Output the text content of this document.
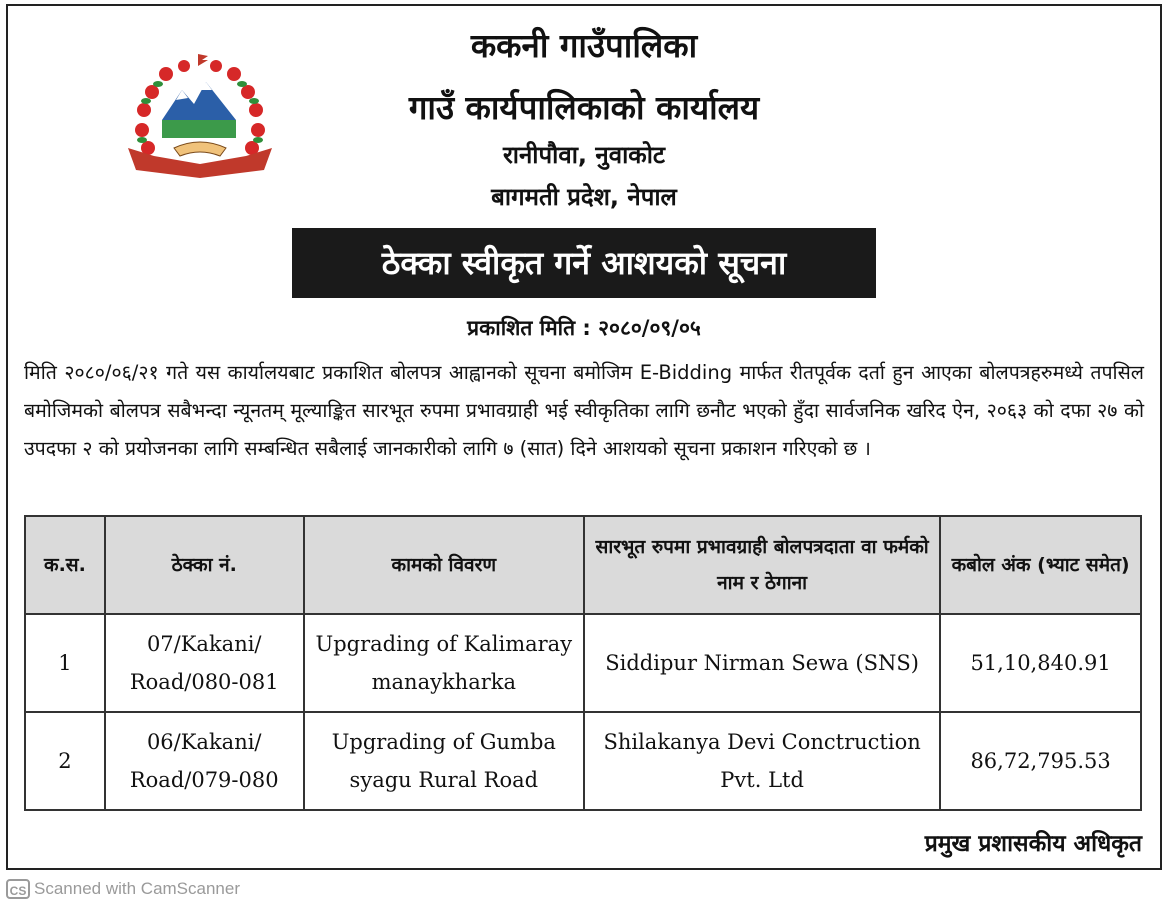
ककनी गाउँपालिका
गाउँ कार्यपालिकाको कार्यालय
रानीपौवा, नुवाकोट
बागमती प्रदेश, नेपाल
ठेक्का स्वीकृत गर्ने आशयको सूचना
प्रकाशित मिति : २०८०/०९/०५
मिति २०८०/०६/२१ गते यस कार्यालयबाट प्रकाशित बोलपत्र आह्वानको सूचना बमोजिम E-Bidding मार्फत रीतपूर्वक दर्ता हुन आएका बोलपत्रहरुमध्ये तपसिल बमोजिमको बोलपत्र सबैभन्दा न्यूनतम् मूल्याङ्कित सारभूत रुपमा प्रभावग्राही भई स्वीकृतिका लागि छनौट भएको हुँदा सार्वजनिक खरिद ऐन, २०६३ को दफा २७ को उपदफा २ को प्रयोजनका लागि सम्बन्धित सबैलाई जानकारीको लागि ७ (सात) दिने आशयको सूचना प्रकाशन गरिएको छ ।
क.स.	ठेक्का नं.	कामको विवरण	सारभूत रुपमा प्रभावग्राही बोलपत्रदाता वा फर्मको नाम र ठेगाना	कबोल अंक (भ्याट समेत)
1	07/Kakani/ Road/080-081	Upgrading of Kalimaray manaykharka	Siddipur Nirman Sewa (SNS)	51,10,840.91
2	06/Kakani/ Road/079-080	Upgrading of Gumba syagu Rural Road	Shilakanya Devi Conctruction Pvt. Ltd	86,72,795.53
प्रमुख प्रशासकीय अधिकृत
CS Scanned with CamScanner
